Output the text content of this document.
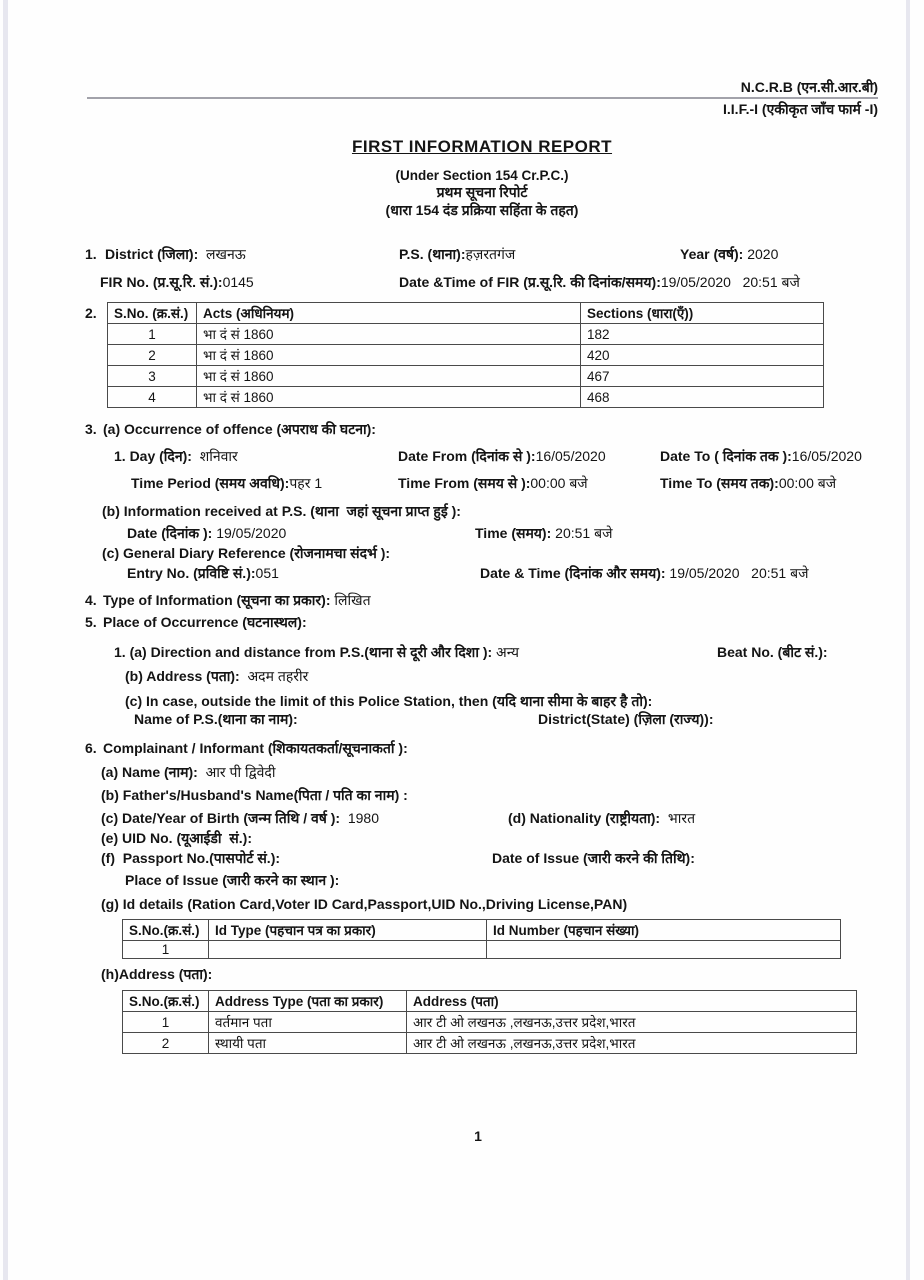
N.C.R.B (एन.सी.आर.बी)
I.I.F.-I (एकीकृत जाँच फार्म -I)
FIRST INFORMATION REPORT
(Under Section 154 Cr.P.C.)
प्रथम सूचना रिपोर्ट
(धारा 154 दंड प्रक्रिया सहिंता के तहत)
1. District (जिला):  लखनऊ	P.S. (थाना):हज़रतगंज	Year (वर्ष): 2020
FIR No. (प्र.सू.रि. सं.):0145	Date &Time of FIR (प्र.सू.रि. की दिनांक/समय):19/05/2020   20:51 बजे
2. S.No. (क्र.सं.)	Acts (अधिनियम)	Sections (धारा(एँ))
1	भा दं सं 1860	182
2	भा दं सं 1860	420
3	भा दं सं 1860	467
4	भा दं सं 1860	468
3. (a) Occurrence of offence (अपराध की घटना):
1. Day (दिन):  शनिवार	Date From (दिनांक से ):16/05/2020	Date To ( दिनांक तक ):16/05/2020
Time Period (समय अवधि):पहर 1	Time From (समय से ):00:00 बजे	Time To (समय तक):00:00 बजे
(b) Information received at P.S. (थाना  जहां सूचना प्राप्त हुई ):
Date (दिनांक ): 19/05/2020	Time (समय): 20:51 बजे
(c) General Diary Reference (रोजनामचा संदर्भ ):
Entry No. (प्रविष्टि सं.):051	Date & Time (दिनांक और समय): 19/05/2020   20:51 बजे
4. Type of Information (सूचना का प्रकार): लिखित
5. Place of Occurrence (घटनास्थल):
1. (a) Direction and distance from P.S.(थाना से दूरी और दिशा ): अन्य	Beat No. (बीट सं.):
(b) Address (पता):  अदम तहरीर
(c) In case, outside the limit of this Police Station, then (यदि थाना सीमा के बाहर है तो):
Name of P.S.(थाना का नाम):	District(State) (ज़िला (राज्य)):
6. Complainant / Informant (शिकायतकर्ता/सूचनाकर्ता ):
(a) Name (नाम):  आर पी द्विवेदी
(b) Father's/Husband's Name(पिता / पति का नाम) :
(c) Date/Year of Birth (जन्म तिथि / वर्ष ):  1980	(d) Nationality (राष्ट्रीयता):  भारत
(e) UID No. (यूआईडी  सं.):
(f)  Passport No.(पासपोर्ट सं.):	Date of Issue (जारी करने की तिथि):
Place of Issue (जारी करने का स्थान ):
(g) Id details (Ration Card,Voter ID Card,Passport,UID No.,Driving License,PAN)
S.No.(क्र.सं.)	Id Type (पहचान पत्र का प्रकार)	Id Number (पहचान संख्या)
1		
(h)Address (पता):
S.No.(क्र.सं.)	Address Type (पता का प्रकार)	Address (पता)
1	वर्तमान पता	आर टी ओ लखनऊ ,लखनऊ,उत्तर प्रदेश,भारत
2	स्थायी पता	आर टी ओ लखनऊ ,लखनऊ,उत्तर प्रदेश,भारत
1
